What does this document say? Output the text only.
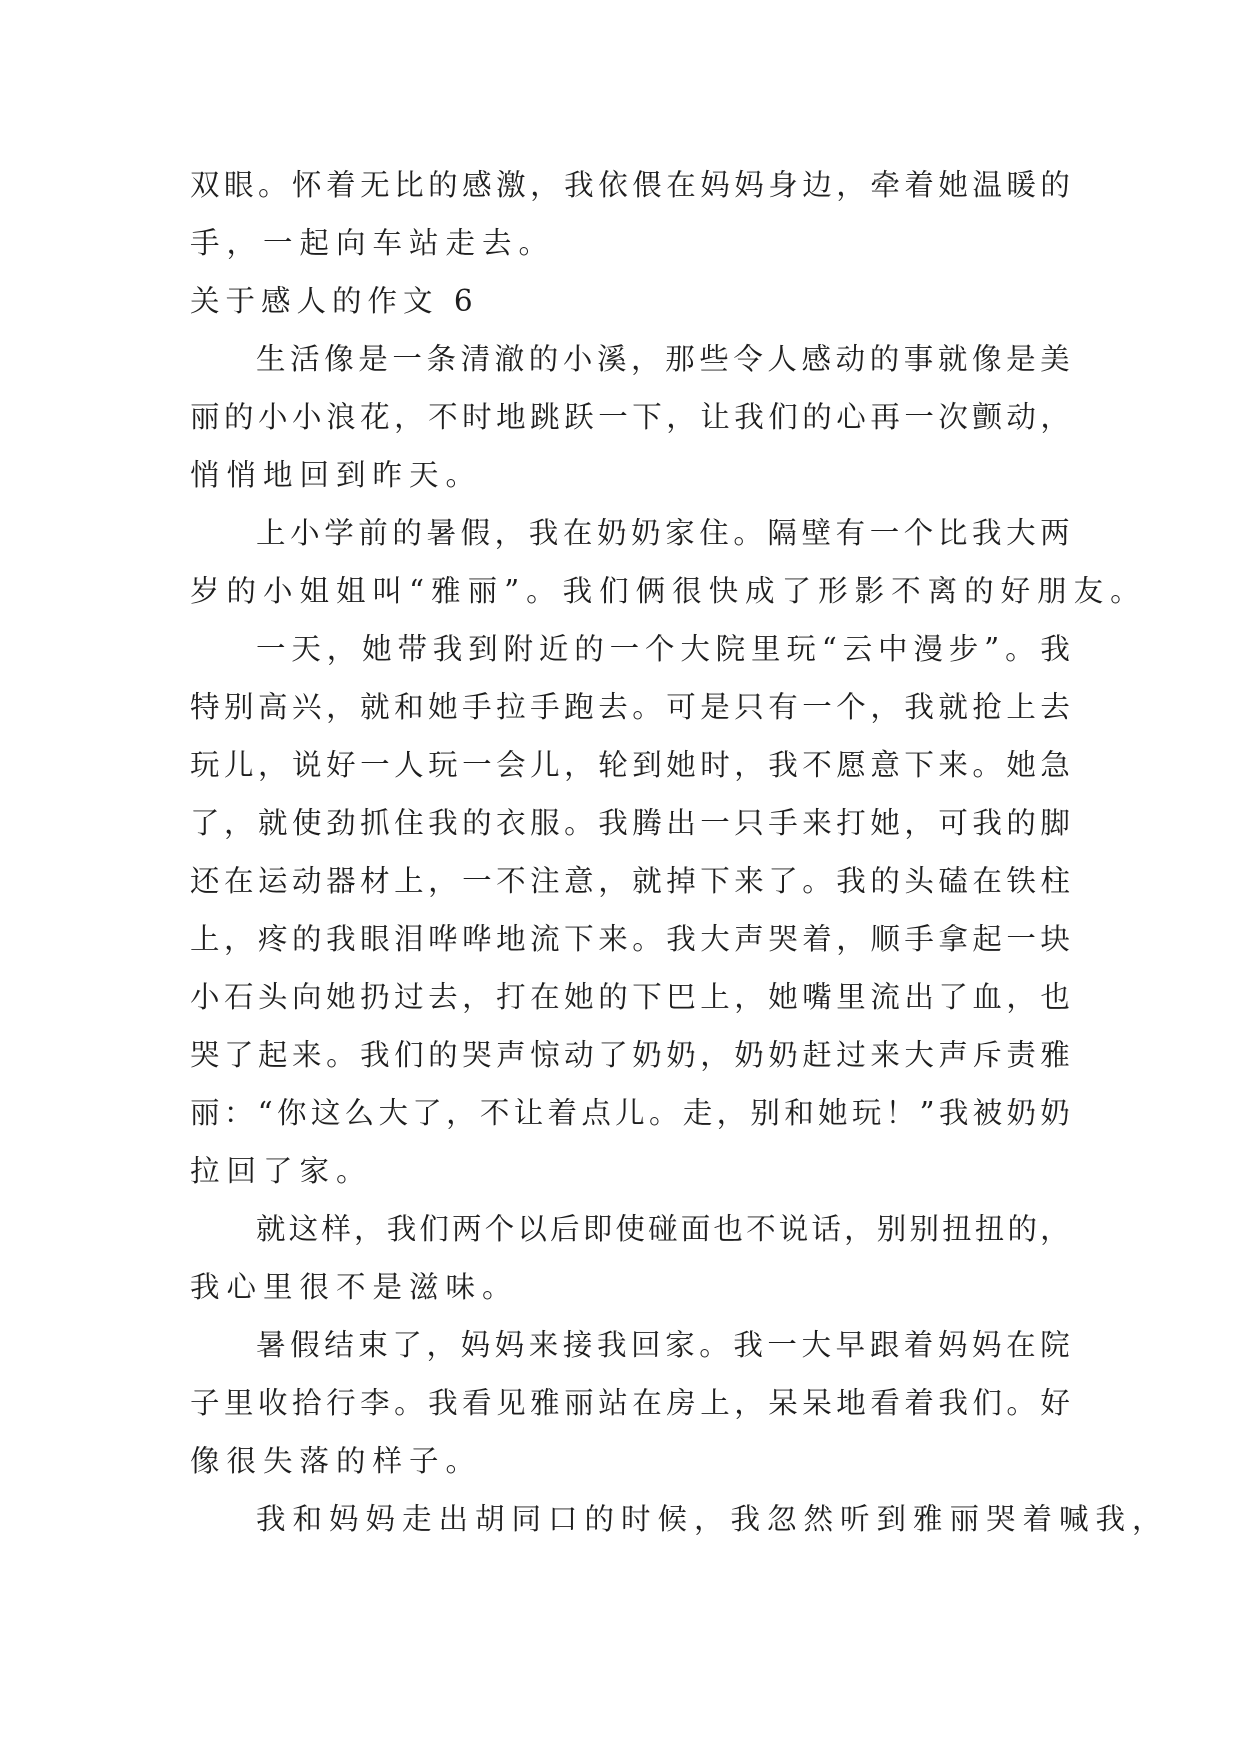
双 眼 。 怀 着 无 比 的 感 激 ， 我 依 偎 在 妈 妈 身 边 ， 牵 着 她 温 暖 的
手，一起向车站走去。
关于感人的作文 6
生 活 像 是 一 条 清 澈 的 小 溪 ， 那 些 令 人 感 动 的 事 就 像 是 美
丽 的 小 小 浪 花 ， 不 时 地 跳 跃 一 下 ， 让 我 们 的 心 再 一 次 颤 动 ，
悄悄地回到昨天。
上 小 学 前 的 暑 假 ， 我 在 奶 奶 家 住 。 隔 壁 有 一 个 比 我 大 两
岁的小姐姐叫“雅丽”。我们俩很快成了形影不离的好朋友。
一 天 ， 她 带 我 到 附 近 的 一 个 大 院 里 玩 “ 云 中 漫 步 ” 。 我
特 别 高 兴 ， 就 和 她 手 拉 手 跑 去 。 可 是 只 有 一 个 ， 我 就 抢 上 去
玩 儿 ， 说 好 一 人 玩 一 会 儿 ， 轮 到 她 时 ， 我 不 愿 意 下 来 。 她 急
了 ， 就 使 劲 抓 住 我 的 衣 服 。 我 腾 出 一 只 手 来 打 她 ， 可 我 的 脚
还 在 运 动 器 材 上 ， 一 不 注 意 ， 就 掉 下 来 了 。 我 的 头 磕 在 铁 柱
上 ， 疼 的 我 眼 泪 哗 哗 地 流 下 来 。 我 大 声 哭 着 ， 顺 手 拿 起 一 块
小 石 头 向 她 扔 过 去 ， 打 在 她 的 下 巴 上 ， 她 嘴 里 流 出 了 血 ， 也
哭 了 起 来 。 我 们 的 哭 声 惊 动 了 奶 奶 ， 奶 奶 赶 过 来 大 声 斥 责 雅
丽 ： “ 你 这 么 大 了 ， 不 让 着 点 儿 。 走 ， 别 和 她 玩 ！ ” 我 被 奶 奶
拉回了家。
就 这 样 ， 我 们 两 个 以 后 即 使 碰 面 也 不 说 话 ， 别 别 扭 扭 的 ，
我心里很不是滋味。
暑 假 结 束 了 ， 妈 妈 来 接 我 回 家 。 我 一 大 早 跟 着 妈 妈 在 院
子 里 收 拾 行 李 。 我 看 见 雅 丽 站 在 房 上 ， 呆 呆 地 看 着 我 们 。 好
像很失落的样子。
我和妈妈走出胡同口的时候，我忽然听到雅丽哭着喊我，
